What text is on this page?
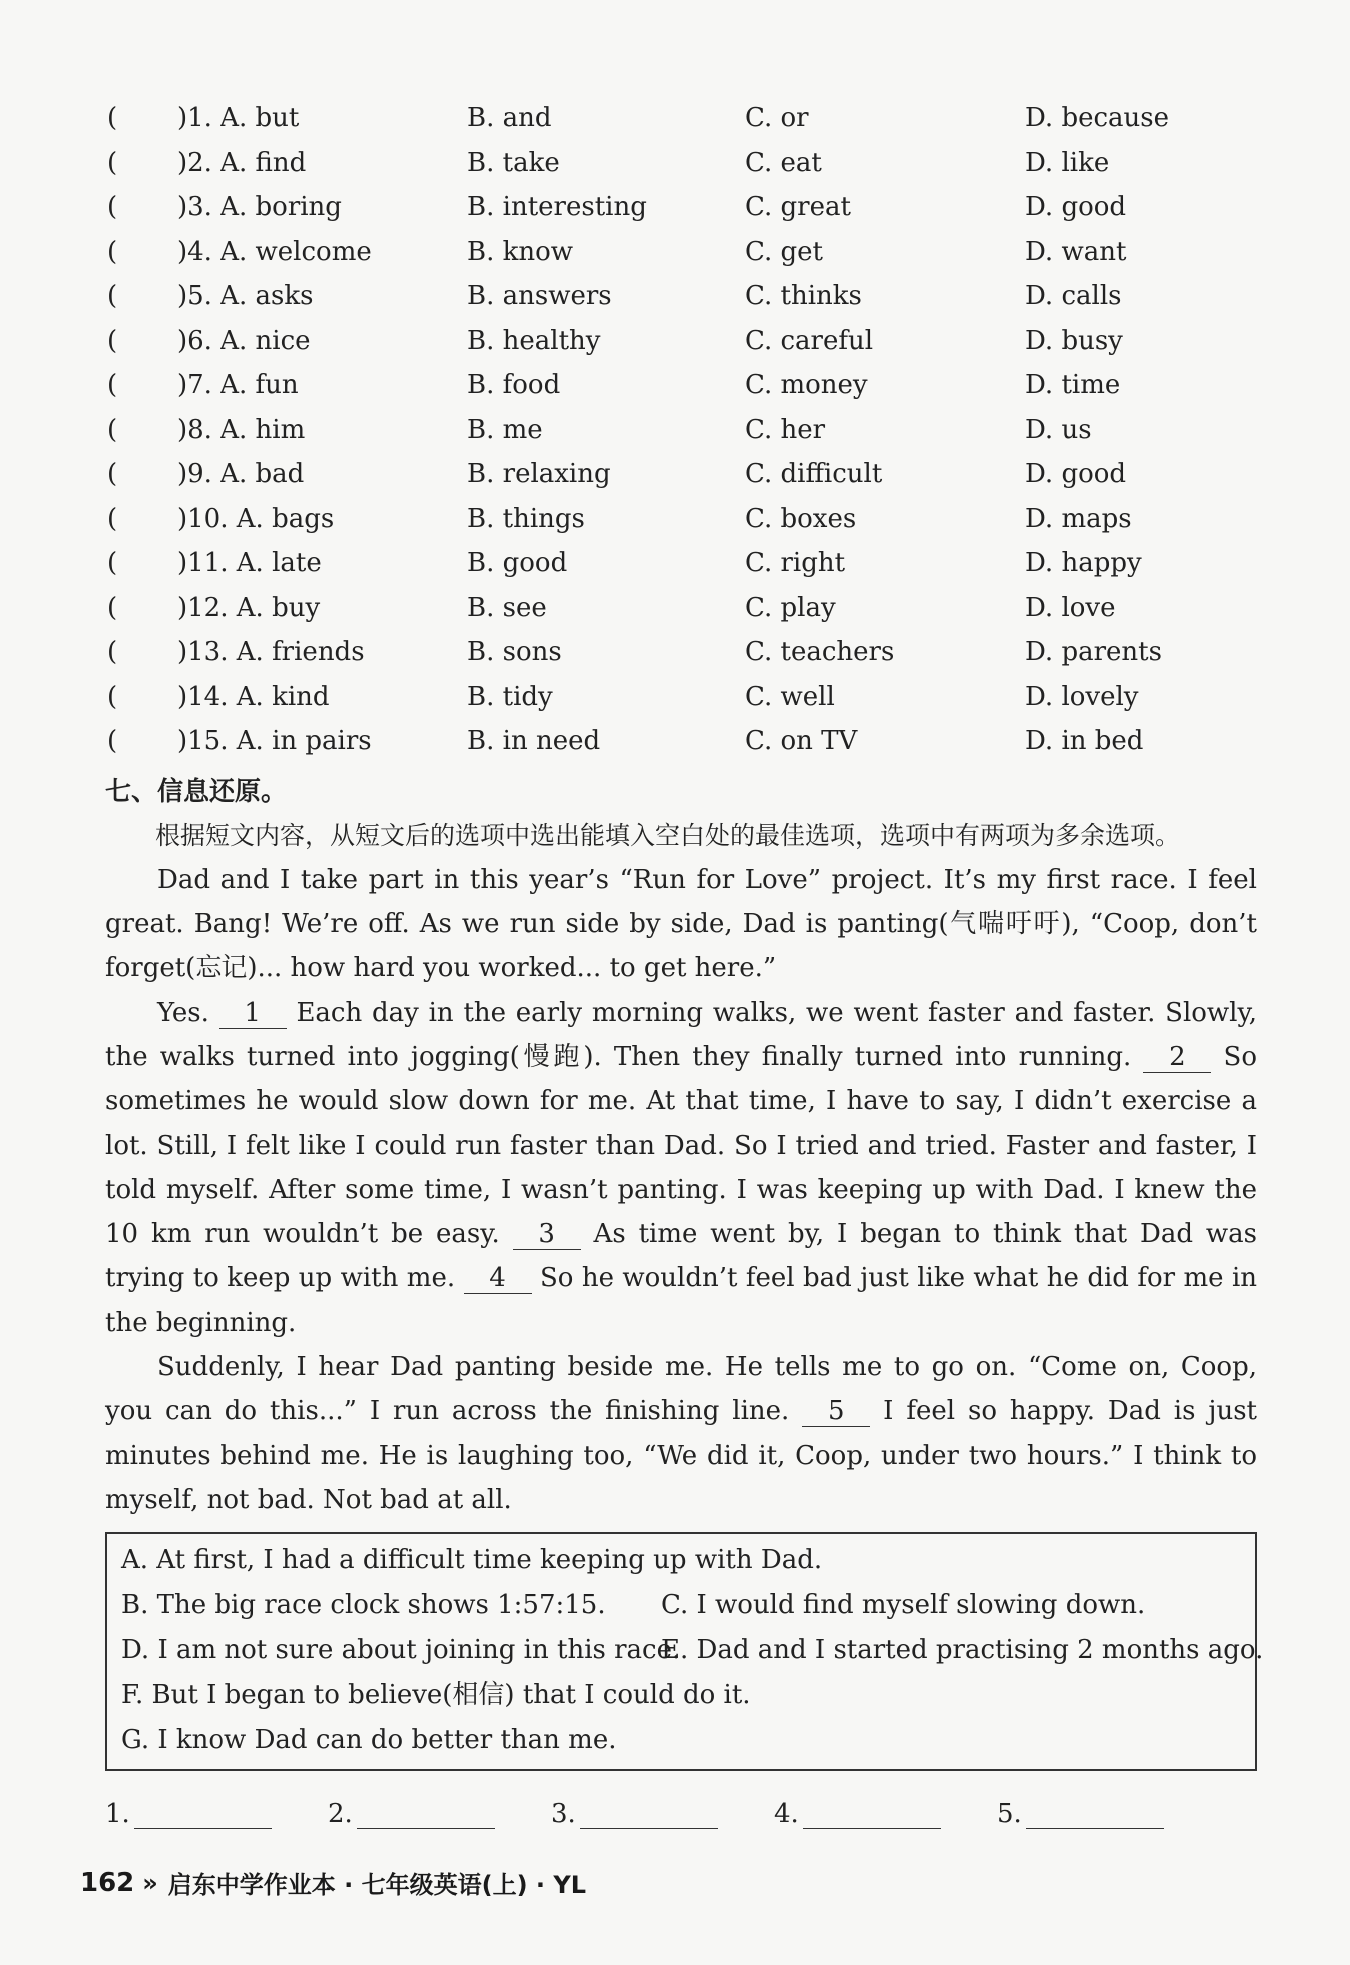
(	)1. A. but	B. and	C. or	D. because
(	)2. A. find	B. take	C. eat	D. like
(	)3. A. boring	B. interesting	C. great	D. good
(	)4. A. welcome	B. know	C. get	D. want
(	)5. A. asks	B. answers	C. thinks	D. calls
(	)6. A. nice	B. healthy	C. careful	D. busy
(	)7. A. fun	B. food	C. money	D. time
(	)8. A. him	B. me	C. her	D. us
(	)9. A. bad	B. relaxing	C. difficult	D. good
(	)10. A. bags	B. things	C. boxes	D. maps
(	)11. A. late	B. good	C. right	D. happy
(	)12. A. buy	B. see	C. play	D. love
(	)13. A. friends	B. sons	C. teachers	D. parents
(	)14. A. kind	B. tidy	C. well	D. lovely
(	)15. A. in pairs	B. in need	C. on TV	D. in bed
七、信息还原。

根据短文内容，从短文后的选项中选出能填入空白处的最佳选项，选项中有两项为多余选项。

Dad and I take part in this year’s “Run for Love” project. It’s my first race. I feel great. Bang! We’re off. As we run side by side, Dad is panting(气喘吁吁), “Coop, don’t forget(忘记)... how hard you worked... to get here.”

Yes. 1 Each day in the early morning walks, we went faster and faster. Slowly, the walks turned into jogging(慢跑). Then they finally turned into running. 2 So sometimes he would slow down for me. At that time, I have to say, I didn’t exercise a lot. Still, I felt like I could run faster than Dad. So I tried and tried. Faster and faster, I told myself. After some time, I wasn’t panting. I was keeping up with Dad. I knew the 10 km run wouldn’t be easy. 3 As time went by, I began to think that Dad was trying to keep up with me. 4 So he wouldn’t feel bad just like what he did for me in the beginning.

Suddenly, I hear Dad panting beside me. He tells me to go on. “Come on, Coop, you can do this...” I run across the finishing line. 5 I feel so happy. Dad is just minutes behind me. He is laughing too, “We did it, Coop, under two hours.” I think to myself, not bad. Not bad at all.

A. At first, I had a difficult time keeping up with Dad.
B. The big race clock shows 1:57:15. C. I would find myself slowing down.
D. I am not sure about joining in this race.E. Dad and I started practising 2 months ago.
F. But I began to believe(相信) that I could do it.
G. I know Dad can do better than me.
1.	2.	3.	4.	5.
162 » 启东中学作业本 · 七年级英语(上) · YL
